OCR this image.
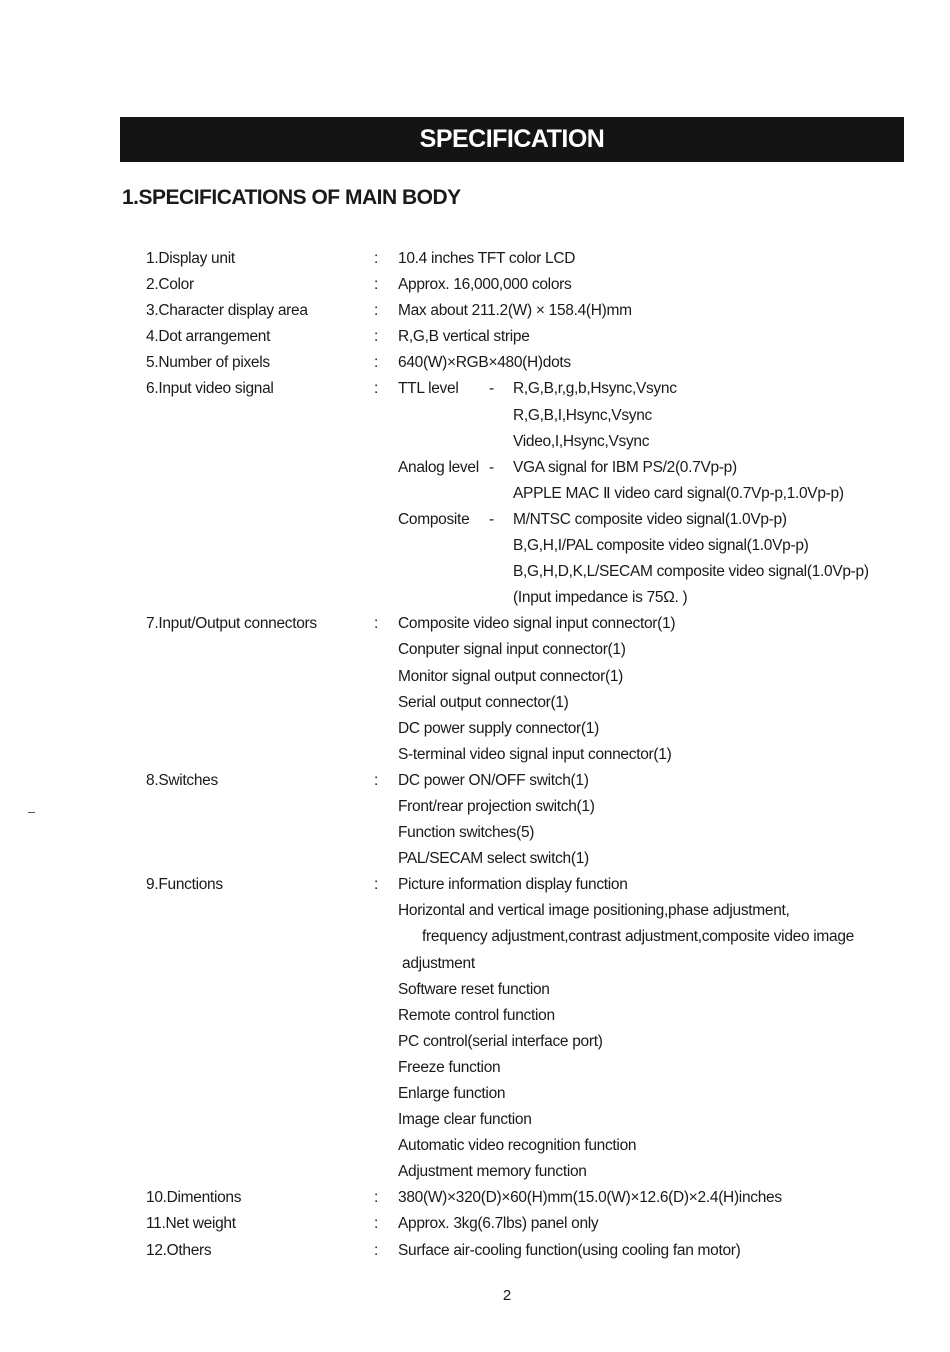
SPECIFICATION
1.SPECIFICATIONS OF MAIN BODY
1.Display unit	: 10.4 inches TFT color LCD
2.Color	: Approx. 16,000,000 colors
3.Character display area	: Max about 211.2(W) × 158.4(H)mm
4.Dot arrangement	: R,G,B vertical stripe
5.Number of pixels	: 640(W)×RGB×480(H)dots
6.Input video signal	: TTL level - R,G,B,r,g,b,Hsync,Vsync
R,G,B,I,Hsync,Vsync
Video,I,Hsync,Vsync
Analog level - VGA signal for IBM PS/2(0.7Vp-p)
APPLE MAC Ⅱ video card signal(0.7Vp-p,1.0Vp-p)
Composite - M/NTSC composite video signal(1.0Vp-p)
B,G,H,I/PAL composite video signal(1.0Vp-p)
B,G,H,D,K,L/SECAM composite video signal(1.0Vp-p)
(Input impedance is 75Ω. )
7.Input/Output connectors	: Composite video signal input connector(1)
Conputer signal input connector(1)
Monitor signal output connector(1)
Serial output connector(1)
DC power supply connector(1)
S-terminal video signal input connector(1)
8.Switches	: DC power ON/OFF switch(1)
Front/rear projection switch(1)
Function switches(5)
PAL/SECAM select switch(1)
9.Functions	: Picture information display function
Horizontal and vertical image positioning,phase adjustment,
frequency adjustment,contrast adjustment,composite video image
adjustment
Software reset function
Remote control function
PC control(serial interface port)
Freeze function
Enlarge function
Image clear function
Automatic video recognition function
Adjustment memory function
10.Dimentions	: 380(W)×320(D)×60(H)mm(15.0(W)×12.6(D)×2.4(H)inches
11.Net weight	: Approx. 3kg(6.7lbs) panel only
12.Others	: Surface air-cooling function(using cooling fan motor)
2
